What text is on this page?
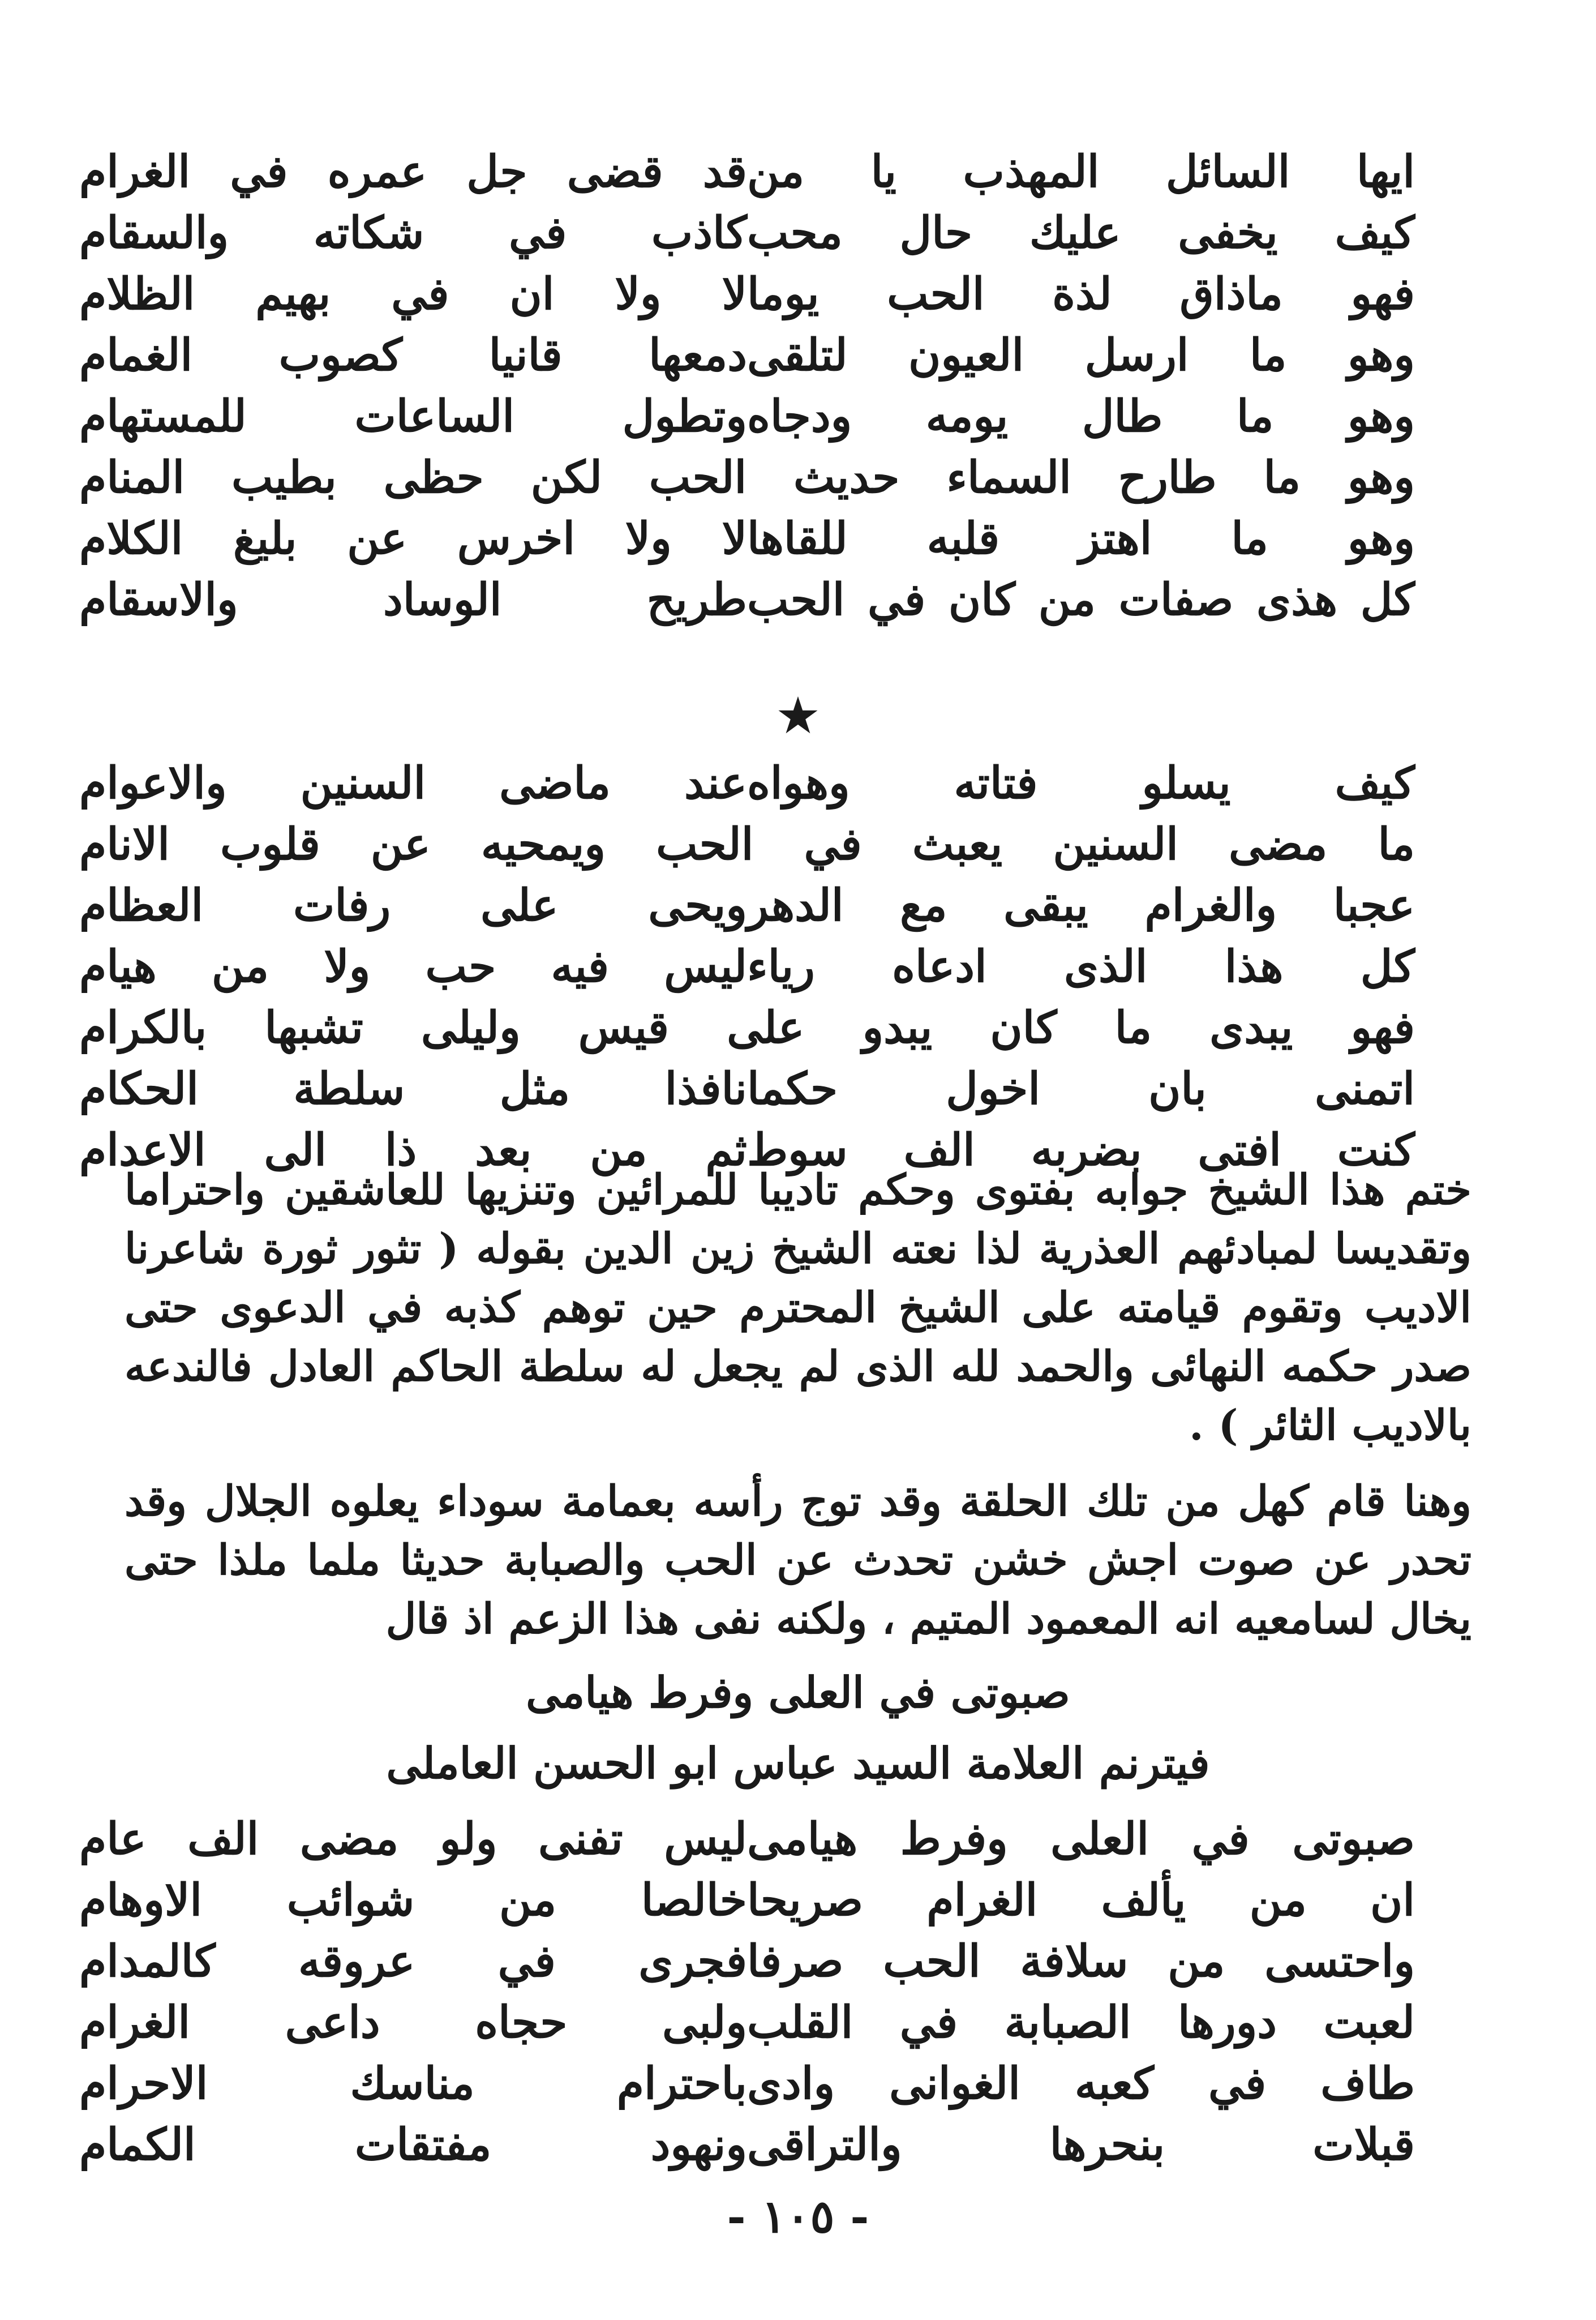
ايها السائل المهذب يا من
قد قضى جل عمره في الغرام
كيف يخفى عليك حال محب
كاذب في شكاته والسقام
فهو ماذاق لذة الحب يوما
لا ولا ان في بهيم الظلام
وهو ما ارسل العيون لتلقى
دمعها قانيا كصوب الغمام
وهو ما طال يومه ودجاه
وتطول الساعات للمستهام
وهو ما طارح السماء حديث الحب لكن حظى بطيب المنام
وهو ما اهتز قلبه للقاها
لا ولا اخرس عن بليغ الكلام
كل هذى صفات من كان في الحب
طريح الوساد والاسقام
★
كيف يسلو فتاته وهواه
عند ماضى السنين والاعوام
ما مضى السنين يعبث في الحب ويمحيه عن قلوب الانام
عجبا والغرام يبقى مع الدهر
ويحى على رفات العظام
كل هذا الذى ادعاه رياء
ليس فيه حب ولا من هيام
فهو يبدى ما كان يبدو على قيس وليلى تشبها بالكرام
اتمنى بان اخول حكما
نافذا مثل سلطة الحكام
كنت افتى بضربه الف سوط
ثم من بعد ذا الى الاعدام

ختم هذا الشيخ جوابه بفتوى وحكم تاديبا للمرائين وتنزيها للعاشقين واحتراما وتقديسا لمبادئهم العذرية لذا نعته الشيخ زين الدين بقوله ( تثور ثورة شاعرنا الاديب وتقوم قيامته على الشيخ المحترم حين توهم كذبه في الدعوى حتى صدر حكمه النهائى والحمد لله الذى لم يجعل له سلطة الحاكم العادل فالندعه بالاديب الثائر ) .

وهنا قام كهل من تلك الحلقة وقد توج رأسه بعمامة سوداء يعلوه الجلال وقد تحدر عن صوت اجش خشن تحدث عن الحب والصبابة حديثا ملما ملذا حتى يخال لسامعيه انه المعمود المتيم ، ولكنه نفى هذا الزعم اذ قال

صبوتى في العلى وفرط هيامى
فيترنم العلامة السيد عباس ابو الحسن العاملى
صبوتى في العلى وفرط هيامى
ليس تفنى ولو مضى الف عام
ان من يألف الغرام صريحا
خالصا من شوائب الاوهام
واحتسى من سلافة الحب صرفا
فجرى في عروقه كالمدام
لعبت دورها الصبابة في القلب
ولبى حجاه داعى الغرام
طاف في كعبه الغوانى وادى
باحترام مناسك الاحرام
قبلات بنحرها والتراقى
ونهود مفتقات الكمام
- ١٠٥ -
